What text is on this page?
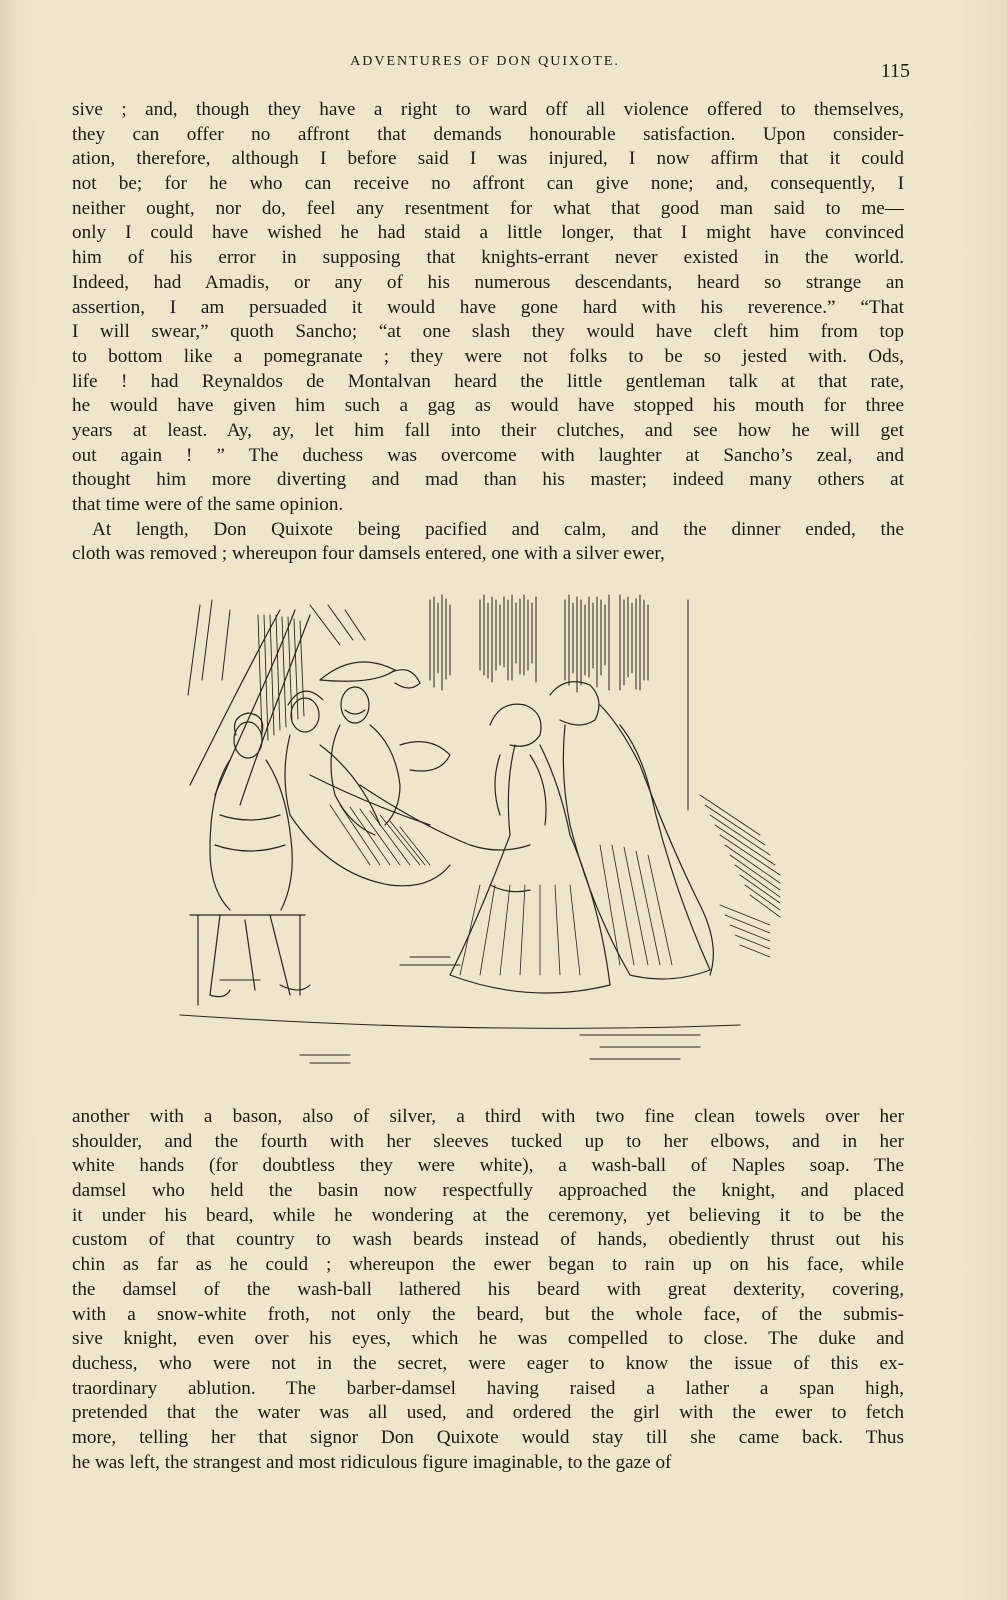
ADVENTURES OF DON QUIXOTE.	115
sive ; and, though they have a right to ward off all violence offered to themselves,
they can offer no affront that demands honourable satisfaction. Upon consider-
ation, therefore, although I before said I was injured, I now affirm that it could
not be; for he who can receive no affront can give none; and, consequently, I
neither ought, nor do, feel any resentment for what that good man said to me—
only I could have wished he had staid a little longer, that I might have convinced
him of his error in supposing that knights-errant never existed in the world.
Indeed, had Amadis, or any of his numerous descendants, heard so strange an
assertion, I am persuaded it would have gone hard with his reverence.” “That
I will swear,” quoth Sancho; “at one slash they would have cleft him from top
to bottom like a pomegranate ; they were not folks to be so jested with. Ods,
life ! had Reynaldos de Montalvan heard the little gentleman talk at that rate,
he would have given him such a gag as would have stopped his mouth for three
years at least. Ay, ay, let him fall into their clutches, and see how he will get
out again ! ” The duchess was overcome with laughter at Sancho’s zeal, and
thought him more diverting and mad than his master; indeed many others at
that time were of the same opinion.
At length, Don Quixote being pacified and calm, and the dinner ended, the
cloth was removed ; whereupon four damsels entered, one with a silver ewer,
another with a bason, also of silver, a third with two fine clean towels over her
shoulder, and the fourth with her sleeves tucked up to her elbows, and in her
white hands (for doubtless they were white), a wash-ball of Naples soap. The
damsel who held the basin now respectfully approached the knight, and placed
it under his beard, while he wondering at the ceremony, yet believing it to be the
custom of that country to wash beards instead of hands, obediently thrust out his
chin as far as he could ; whereupon the ewer began to rain up on his face, while
the damsel of the wash-ball lathered his beard with great dexterity, covering,
with a snow-white froth, not only the beard, but the whole face, of the submis-
sive knight, even over his eyes, which he was compelled to close. The duke and
duchess, who were not in the secret, were eager to know the issue of this ex-
traordinary ablution. The barber-damsel having raised a lather a span high,
pretended that the water was all used, and ordered the girl with the ewer to fetch
more, telling her that signor Don Quixote would stay till she came back. Thus
he was left, the strangest and most ridiculous figure imaginable, to the gaze of
